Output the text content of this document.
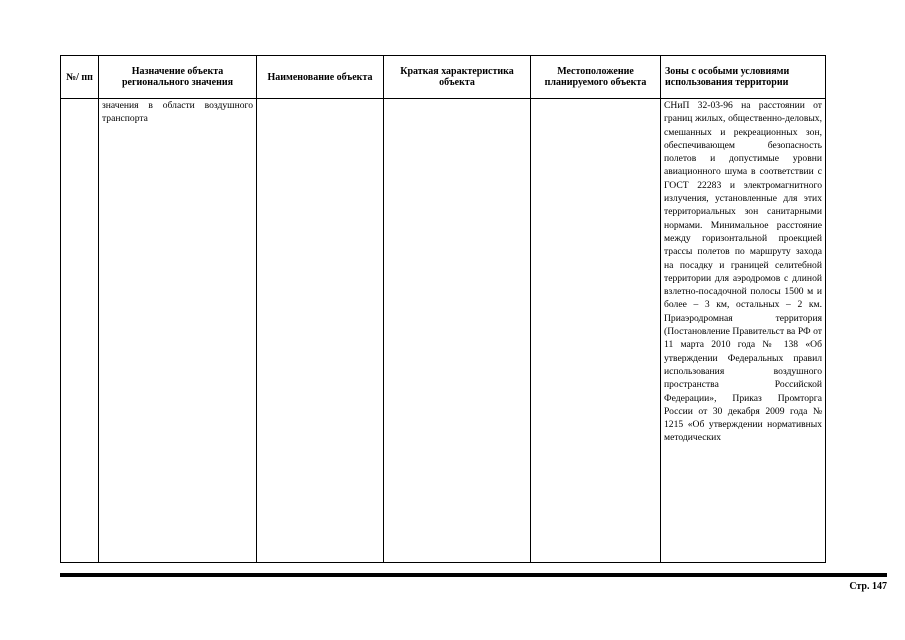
№/ пп	Назначение объекта регионального значения	Наименование объекта	Краткая характеристика объекта	Местоположение планируемого объекта	Зоны с особыми условиями использования территории
	значения в области воздушного транспорта				СНиП 32-03-96 на расстоянии от границ жилых, общественно-деловых, смешанных и рекреационных зон, обеспечивающем безопасность полетов и допустимые уровни авиационного шума в соответствии с ГОСТ 22283 и электромагнитного излучения, установленные для этих территориальных зон санитарными нормами. Минимальное расстояние между горизонтальной проекцией трассы полетов по маршруту захода на посадку и границей селитебной территории для аэродромов с длиной взлетно-посадочной полосы 1500 м и более – 3 км, остальных – 2 км. Приаэродромная территория (Постановление Правительст ва РФ от 11 марта 2010 года № 138 «Об утверждении Федеральных правил использования воздушного пространства Российской Федерации», Приказ Промторга России от 30 декабря 2009 года № 1215 «Об утверждении нормативных методических
Стр. 147
